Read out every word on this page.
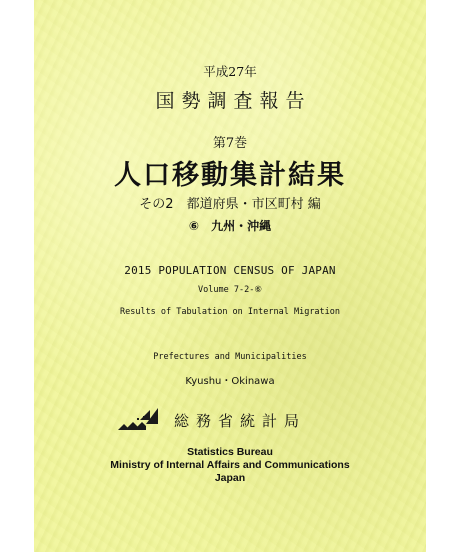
平成27年
国勢調査報告
第7巻
人口移動集計結果
その2　都道府県・市区町村 編
⑥　九州・沖縄
2015 POPULATION CENSUS OF JAPAN
Volume 7-2-⑥
Results of Tabulation on Internal Migration
Prefectures and Municipalities
Kyushu・Okinawa
総務省統計局
Statistics Bureau
Ministry of Internal Affairs and Communications
Japan
